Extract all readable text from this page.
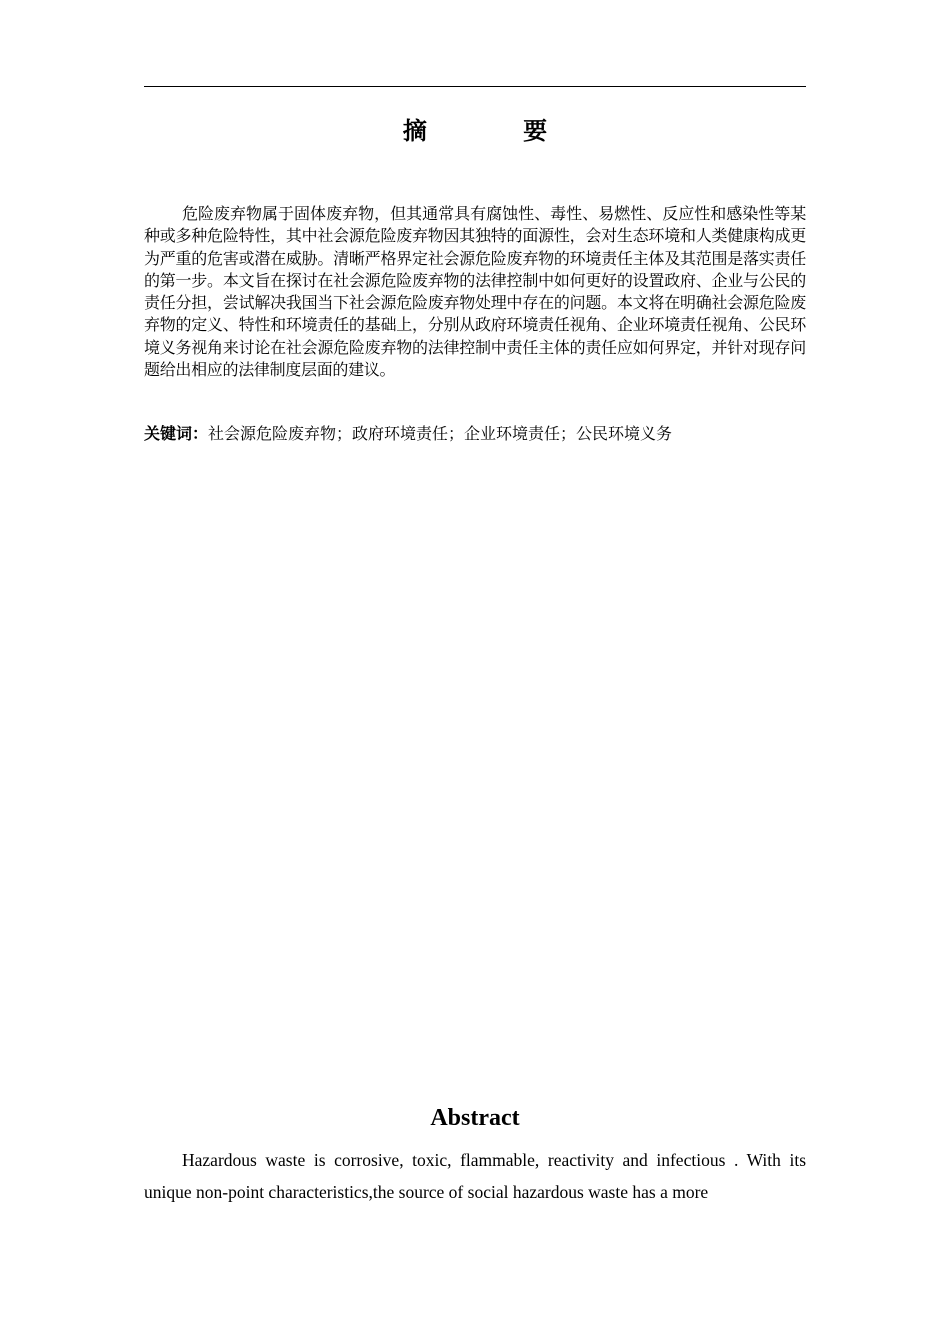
摘 要

危险废弃物属于固体废弃物，但其通常具有腐蚀性、毒性、易燃性、反应性和感染性等某种或多种危险特性，其中社会源危险废弃物因其独特的面源性，会对生态环境和人类健康构成更为严重的危害或潜在威胁。清晰严格界定社会源危险废弃物的环境责任主体及其范围是落实责任的第一步。本文旨在探讨在社会源危险废弃物的法律控制中如何更好的设置政府、企业与公民的责任分担，尝试解决我国当下社会源危险废弃物处理中存在的问题。本文将在明确社会源危险废弃物的定义、特性和环境责任的基础上，分别从政府环境责任视角、企业环境责任视角、公民环境义务视角来讨论在社会源危险废弃物的法律控制中责任主体的责任应如何界定，并针对现存问题给出相应的法律制度层面的建议。

关键词：社会源危险废弃物；政府环境责任；企业环境责任；公民环境义务

Abstract

Hazardous waste is corrosive, toxic, flammable, reactivity and infectious . With its unique non-point characteristics,the source of social hazardous waste has a more
